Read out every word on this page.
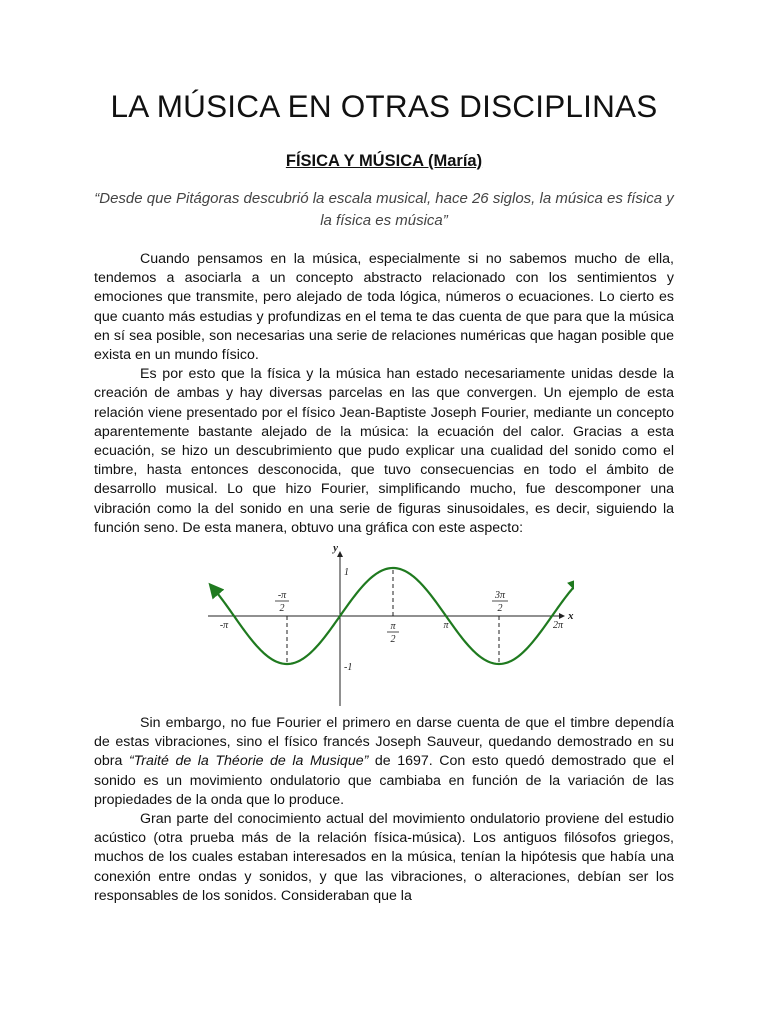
LA MÚSICA EN OTRAS DISCIPLINAS
FÍSICA Y MÚSICA (María)

“Desde que Pitágoras descubrió la escala musical, hace 26 siglos, la música es física y la física es música”

Cuando pensamos en la música, especialmente si no sabemos mucho de ella, tendemos a asociarla a un concepto abstracto relacionado con los sentimientos y emociones que transmite, pero alejado de toda lógica, números o ecuaciones. Lo cierto es que cuanto más estudias y profundizas en el tema te das cuenta de que para que la música en sí sea posible, son necesarias una serie de relaciones numéricas que hagan posible que exista en un mundo físico.

Es por esto que la física y la música han estado necesariamente unidas desde la creación de ambas y hay diversas parcelas en las que convergen. Un ejemplo de esta relación viene presentado por el físico Jean-Baptiste Joseph Fourier, mediante un concepto aparentemente bastante alejado de la música: la ecuación del calor. Gracias a esta ecuación, se hizo un descubrimiento que pudo explicar una cualidad del sonido como el timbre, hasta entonces desconocida, que tuvo consecuencias en todo el ámbito de desarrollo musical. Lo que hizo Fourier, simplificando mucho, fue descomponer una vibración como la del sonido en una serie de figuras sinusoidales, es decir, siguiendo la función seno. De esta manera, obtuvo una gráfica con este aspecto:

y
x
1
-1
-π
-π
2
π
2
π
3π
2
2π

Sin embargo, no fue Fourier el primero en darse cuenta de que el timbre dependía de estas vibraciones, sino el físico francés Joseph Sauveur, quedando demostrado en su obra “Traité de la Théorie de la Musique” de 1697. Con esto quedó demostrado que el sonido es un movimiento ondulatorio que cambiaba en función de la variación de las propiedades de la onda que lo produce.

Gran parte del conocimiento actual del movimiento ondulatorio proviene del estudio acústico (otra prueba más de la relación física-música). Los antiguos filósofos griegos, muchos de los cuales estaban interesados en la música, tenían la hipótesis que había una conexión entre ondas y sonidos, y que las vibraciones, o alteraciones, debían ser los responsables de los sonidos. Consideraban que la
